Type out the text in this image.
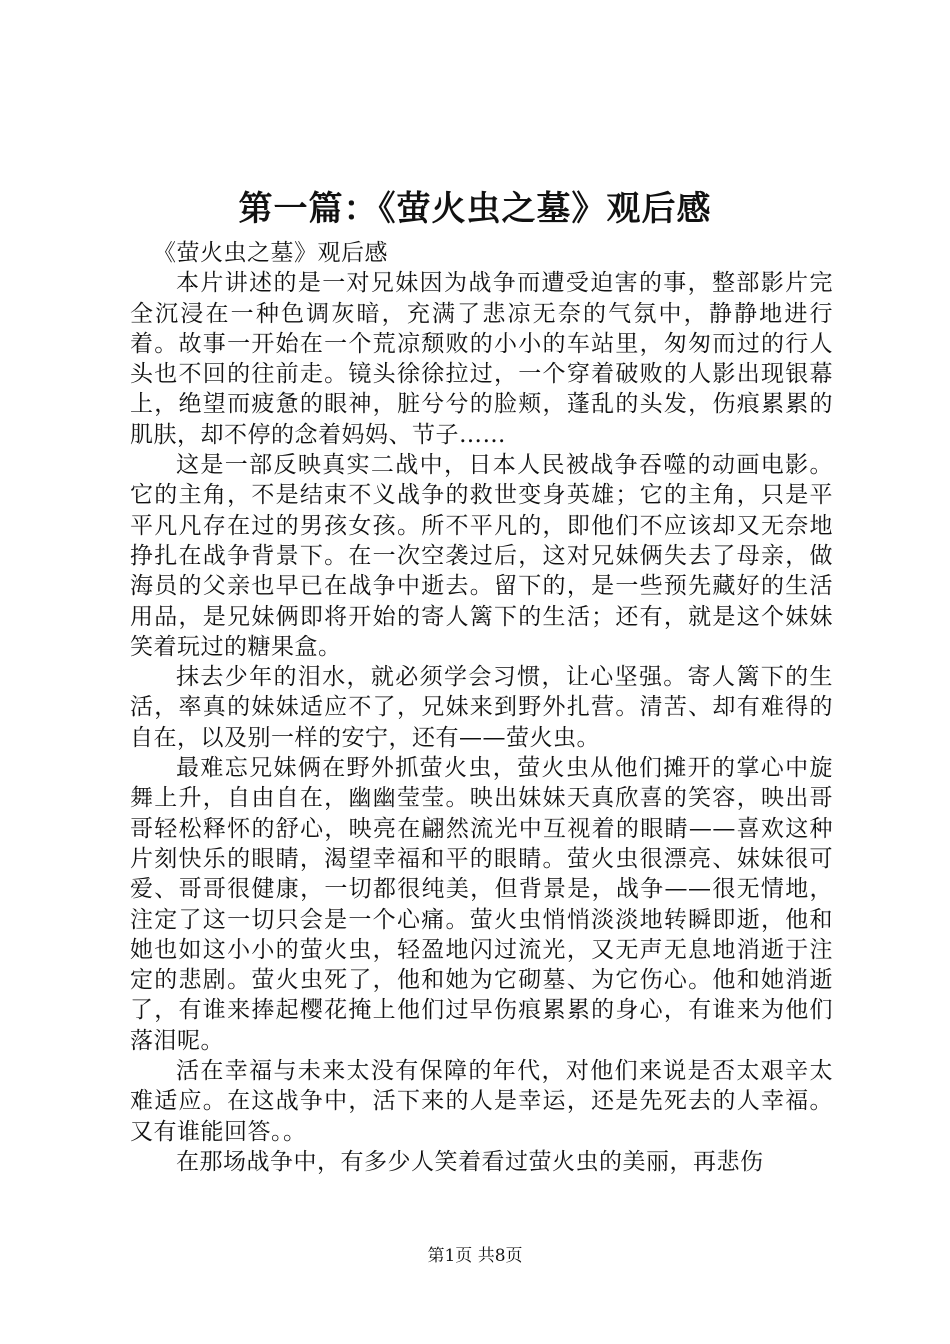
第一篇：《萤火虫之墓》观后感

《萤火虫之墓》观后感

本片讲述的是一对兄妹因为战争而遭受迫害的事，整部影片完全沉浸在一种色调灰暗，充满了悲凉无奈的气氛中，静静地进行着。故事一开始在一个荒凉颓败的小小的车站里，匆匆而过的行人头也不回的往前走。镜头徐徐拉过，一个穿着破败的人影出现银幕上，绝望而疲惫的眼神，脏兮兮的脸颊，蓬乱的头发，伤痕累累的肌肤，却不停的念着妈妈、节子……

这是一部反映真实二战中，日本人民被战争吞噬的动画电影。它的主角，不是结束不义战争的救世变身英雄；它的主角，只是平平凡凡存在过的男孩女孩。所不平凡的，即他们不应该却又无奈地挣扎在战争背景下。在一次空袭过后，这对兄妹俩失去了母亲，做海员的父亲也早已在战争中逝去。留下的，是一些预先藏好的生活用品，是兄妹俩即将开始的寄人篱下的生活；还有，就是这个妹妹笑着玩过的糖果盒。

抹去少年的泪水，就必须学会习惯，让心坚强。寄人篱下的生活，率真的妹妹适应不了，兄妹来到野外扎营。清苦、却有难得的自在，以及别一样的安宁，还有——萤火虫。

最难忘兄妹俩在野外抓萤火虫，萤火虫从他们摊开的掌心中旋舞上升，自由自在，幽幽莹莹。映出妹妹天真欣喜的笑容，映出哥哥轻松释怀的舒心，映亮在翩然流光中互视着的眼睛——喜欢这种片刻快乐的眼睛，渴望幸福和平的眼睛。萤火虫很漂亮、妹妹很可爱、哥哥很健康，一切都很纯美，但背景是，战争——很无情地，注定了这一切只会是一个心痛。萤火虫悄悄淡淡地转瞬即逝，他和她也如这小小的萤火虫，轻盈地闪过流光，又无声无息地消逝于注定的悲剧。萤火虫死了，他和她为它砌墓、为它伤心。他和她消逝了，有谁来捧起樱花掩上他们过早伤痕累累的身心，有谁来为他们落泪呢。

活在幸福与未来太没有保障的年代，对他们来说是否太艰辛太难适应。在这战争中，活下来的人是幸运，还是先死去的人幸福。又有谁能回答。。

在那场战争中，有多少人笑着看过萤火虫的美丽，再悲伤

第1页 共8页
